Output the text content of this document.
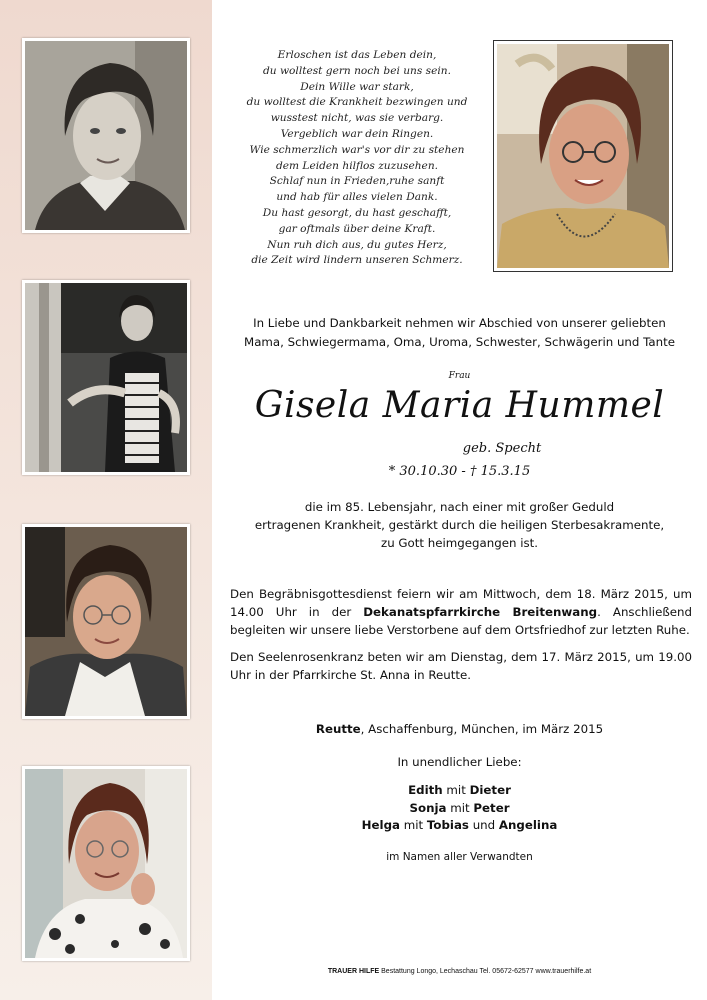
Erloschen ist das Leben dein,
du wolltest gern noch bei uns sein.
Dein Wille war stark,
du wolltest die Krankheit bezwingen und
wusstest nicht, was sie verbarg.
Vergeblich war dein Ringen.
Wie schmerzlich war's vor dir zu stehen
dem Leiden hilflos zuzusehen.
Schlaf nun in Frieden,ruhe sanft
und hab für alles vielen Dank.
Du hast gesorgt, du hast geschafft,
gar oftmals über deine Kraft.
Nun ruh dich aus, du gutes Herz,
die Zeit wird lindern unseren Schmerz.
In Liebe und Dankbarkeit nehmen wir Abschied von unserer geliebten
Mama, Schwiegermama, Oma, Uroma, Schwester, Schwägerin und Tante
Frau
Gisela Maria Hummel
geb. Specht
* 30.10.30 - † 15.3.15
die im 85. Lebensjahr, nach einer mit großer Geduld
ertragenen Krankheit, gestärkt durch die heiligen Sterbesakramente,
zu Gott heimgegangen ist.
Den Begräbnisgottesdienst feiern wir am Mittwoch, dem 18. März 2015, um 14.00 Uhr in der Dekanatspfarrkirche Breitenwang. Anschließend begleiten wir unsere liebe Verstorbene auf dem Ortsfriedhof zur letzten Ruhe.
Den Seelenrosenkranz beten wir am Dienstag, dem 17. März 2015, um 19.00 Uhr in der Pfarrkirche St. Anna in Reutte.
Reutte, Aschaffenburg, München, im März 2015
In unendlicher Liebe:
Edith mit Dieter
Sonja mit Peter
Helga mit Tobias und Angelina
im Namen aller Verwandten
TRAUER HILFE Bestattung Longo, Lechaschau Tel. 05672-62577 www.trauerhilfe.at
